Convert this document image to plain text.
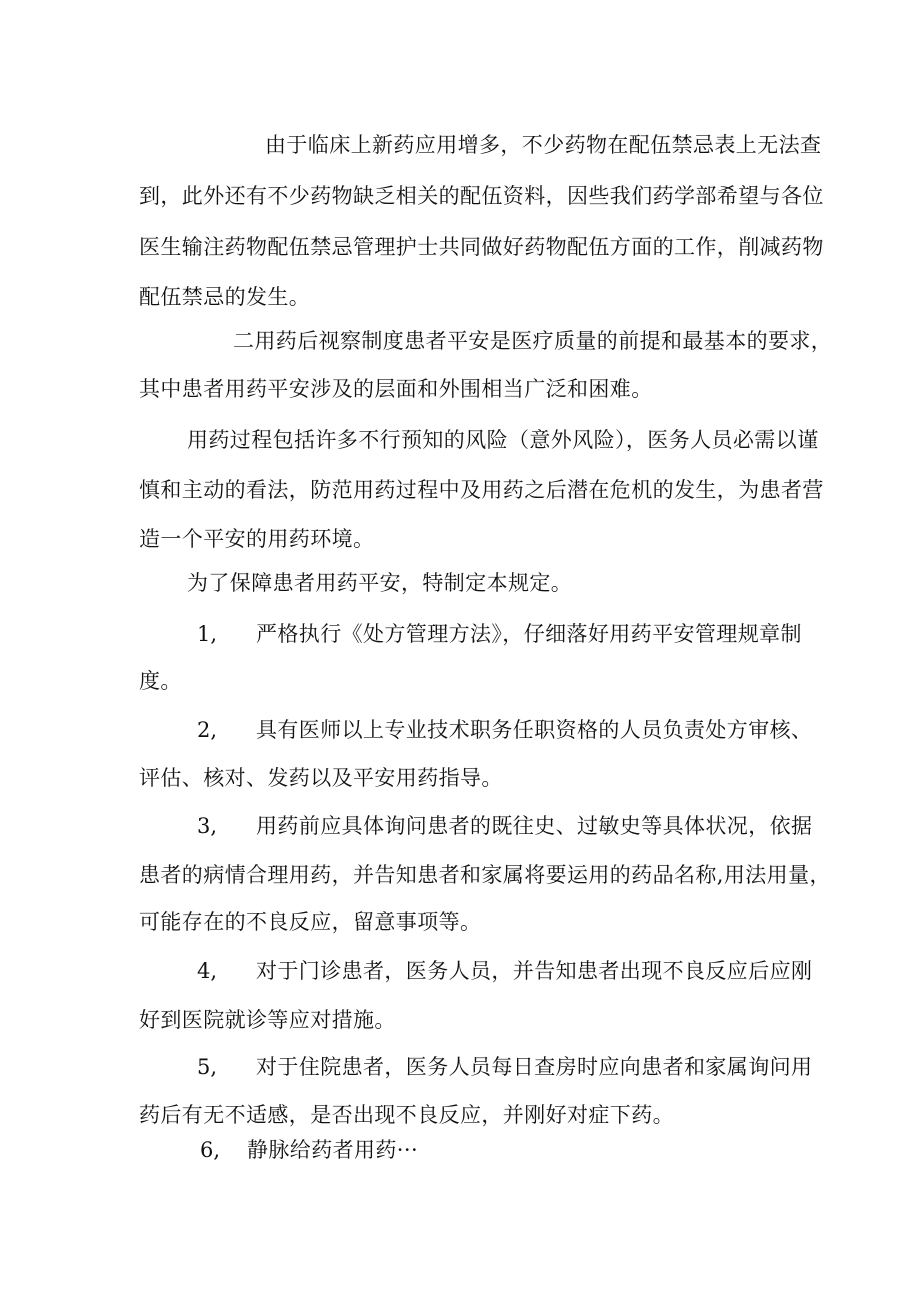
由于临床上新药应用增多，不少药物在配伍禁忌表上无法查
到，此外还有不少药物缺乏相关的配伍资料，因些我们药学部希望与各位
医生输注药物配伍禁忌管理护士共同做好药物配伍方面的工作，削减药物
配伍禁忌的发生。
二用药后视察制度患者平安是医疗质量的前提和最基本的要求，
其中患者用药平安涉及的层面和外围相当广泛和困难。
用药过程包括许多不行预知的风险（意外风险），医务人员必需以谨
慎和主动的看法，防范用药过程中及用药之后潜在危机的发生，为患者营
造一个平安的用药环境。
为了保障患者用药平安，特制定本规定。
1, 严格执行《处方管理方法》，仔细落好用药平安管理规章制
度。
2, 具有医师以上专业技术职务任职资格的人员负责处方审核、
评估、核对、发药以及平安用药指导。
3, 用药前应具体询问患者的既往史、过敏史等具体状况，依据
患者的病情合理用药，并告知患者和家属将要运用的药品名称,用法用量，
可能存在的不良反应，留意事项等。
4, 对于门诊患者，医务人员，并告知患者出现不良反应后应刚
好到医院就诊等应对措施。
5, 对于住院患者，医务人员每日查房时应向患者和家属询问用
药后有无不适感，是否出现不良反应，并刚好对症下药。
6, 静脉给药者用药···
